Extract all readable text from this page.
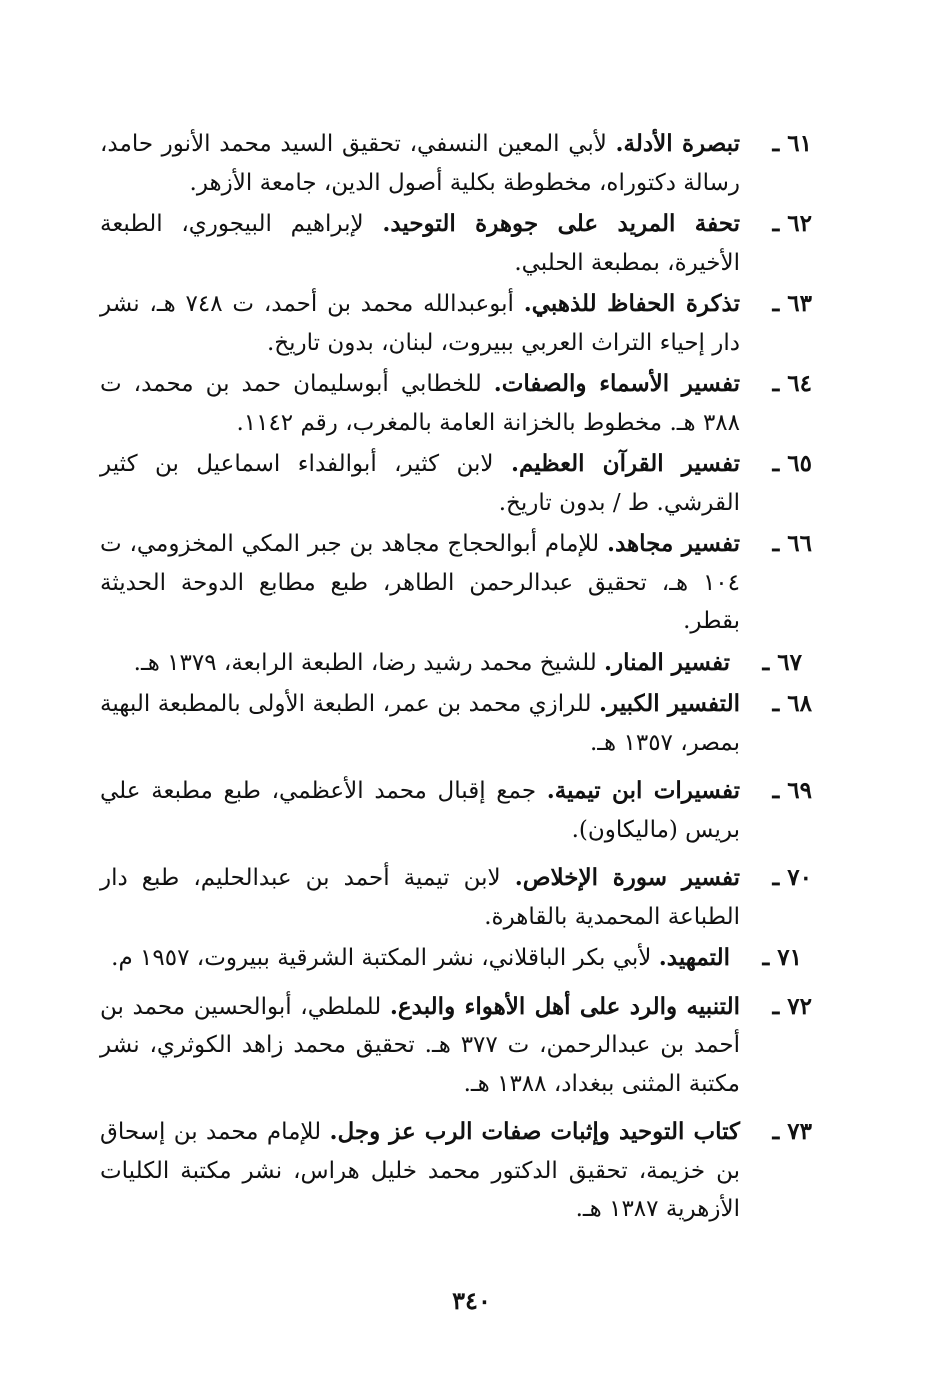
٦١ ـ
تبصرة الأدلة. لأبي المعين النسفي، تحقيق السيد محمد الأنور حامد، رسالة دكتوراه، مخطوطة بكلية أصول الدين، جامعة الأزهر.

٦٢ ـ
تحفة المريد على جوهرة التوحيد. لإبراهيم البيجوري، الطبعة الأخيرة، بمطبعة الحلبي.

٦٣ ـ
تذكرة الحفاظ للذهبي. أبوعبدالله محمد بن أحمد، ت ٧٤٨ هـ، نشر دار إحياء التراث العربي ببيروت، لبنان، بدون تاريخ.

٦٤ ـ
تفسير الأسماء والصفات. للخطابي أبوسليمان حمد بن محمد، ت ٣٨٨ هـ. مخطوط بالخزانة العامة بالمغرب، رقم ١١٤٢.

٦٥ ـ
تفسير القرآن العظيم. لابن كثير، أبوالفداء اسماعيل بن كثير القرشي. ط / بدون تاريخ.

٦٦ ـ
تفسير مجاهد. للإمام أبوالحجاج مجاهد بن جبر المكي المخزومي، ت ١٠٤ هـ، تحقيق عبدالرحمن الطاهر، طبع مطابع الدوحة الحديثة بقطر.

٦٧ ـ
تفسير المنار. للشيخ محمد رشيد رضا، الطبعة الرابعة، ١٣٧٩ هـ.

٦٨ ـ
التفسير الكبير. للرازي محمد بن عمر، الطبعة الأولى بالمطبعة البهية بمصر، ١٣٥٧ هـ.

٦٩ ـ
تفسيرات ابن تيمية. جمع إقبال محمد الأعظمي، طبع مطبعة علي بريس (ماليكاون).

٧٠ ـ
تفسير سورة الإخلاص. لابن تيمية أحمد بن عبدالحليم، طبع دار الطباعة المحمدية بالقاهرة.

٧١ ـ
التمهيد. لأبي بكر الباقلاني، نشر المكتبة الشرقية ببيروت، ١٩٥٧ م.

٧٢ ـ
التنبيه والرد على أهل الأهواء والبدع. للملطي، أبوالحسين محمد بن أحمد بن عبدالرحمن، ت ٣٧٧ هـ. تحقيق محمد زاهد الكوثري، نشر مكتبة المثنى ببغداد، ١٣٨٨ هـ.

٧٣ ـ
كتاب التوحيد وإثبات صفات الرب عز وجل. للإمام محمد بن إسحاق بن خزيمة، تحقيق الدكتور محمد خليل هراس، نشر مكتبة الكليات الأزهرية ١٣٨٧ هـ.

٣٤٠
